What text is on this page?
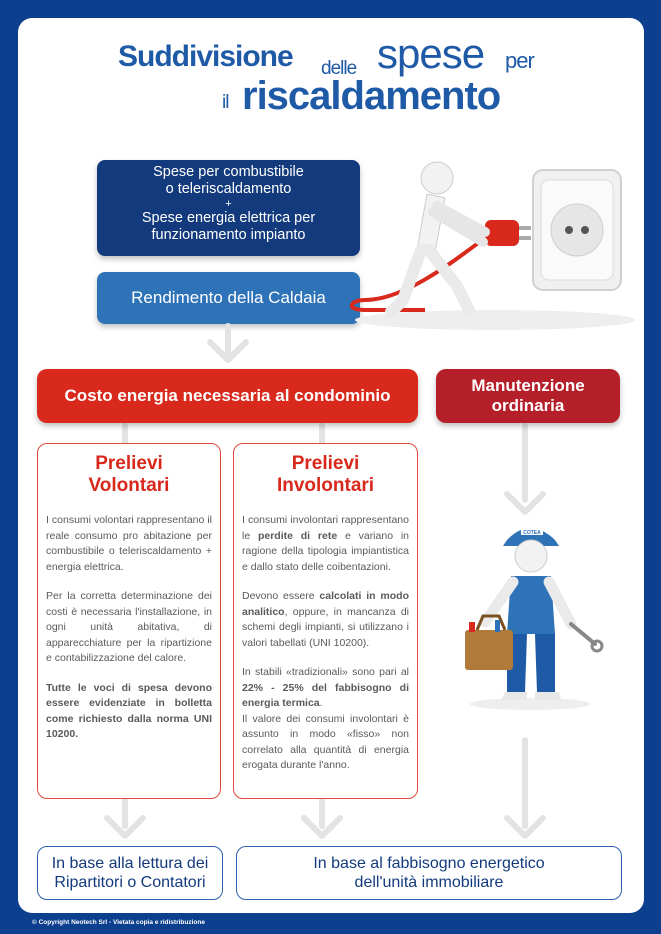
Suddivisione delle spese per
il riscaldamento
Spese per combustibile
o teleriscaldamento
+
Spese energia elettrica per
funzionamento impianto
Rendimento della Caldaia
Costo energia necessaria al condominio
Manutenzione
ordinaria
Prelievi
Volontari

I consumi volontari rappresentano il reale consumo pro abitazione per combustibile o teleriscaldamento + energia elettrica.

Per la corretta determinazione dei costi è necessaria l'installazione, in ogni unità abitativa, di apparecchiature per la ripartizione e contabilizzazione del calore.

Tutte le voci di spesa devono essere evidenziate in bolletta come richiesto dalla norma UNI 10200.

Prelievi
Involontari

I consumi involontari rappresentano le perdite di rete e variano in ragione della tipologia impiantistica e dallo stato delle coibentazioni.

Devono essere calcolati in modo analitico, oppure, in mancanza di schemi degli impianti, si utilizzano i valori tabellati (UNI 10200).

In stabili «tradizionali» sono pari al 22% - 25% del fabbisogno di energia termica.

Il valore dei consumi involontari è assunto in modo «fisso» non correlato alla quantità di energia erogata durante l'anno.

COTEA
In base alla lettura dei
Ripartitori o Contatori
In base al fabbisogno energetico
dell'unità immobiliare
© Copyright Neotech Srl - Vietata copia e ridistribuzione
